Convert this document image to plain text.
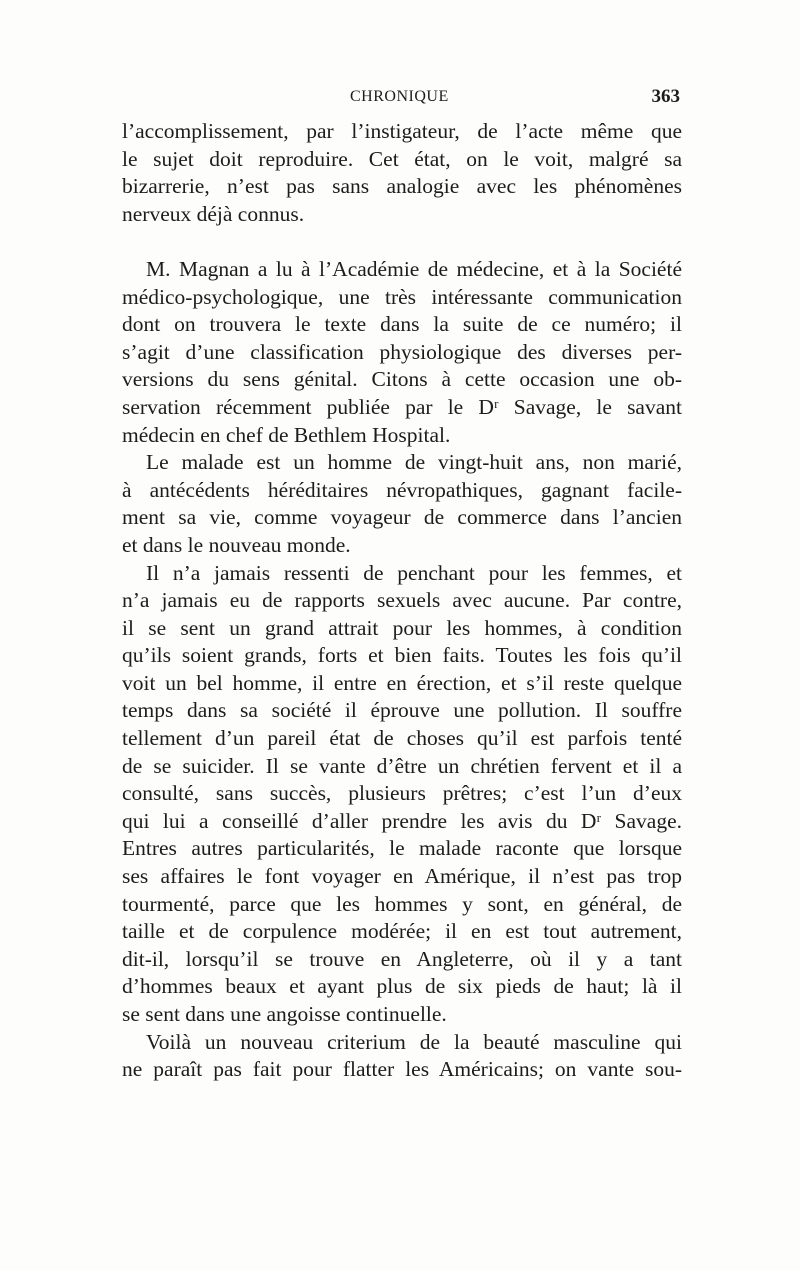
CHRONIQUE	363
l’accomplissement, par l’instigateur, de l’acte même que
le sujet doit reproduire. Cet état, on le voit, malgré sa
bizarrerie, n’est pas sans analogie avec les phénomènes
nerveux déjà connus.
M. Magnan a lu à l’Académie de médecine, et à la Société
médico-psychologique, une très intéressante communication
dont on trouvera le texte dans la suite de ce numéro; il
s’agit d’une classification physiologique des diverses per-
versions du sens génital. Citons à cette occasion une ob-
servation récemment publiée par le Dʳ Savage, le savant
médecin en chef de Bethlem Hospital.
Le malade est un homme de vingt-huit ans, non marié,
à antécédents héréditaires névropathiques, gagnant facile-
ment sa vie, comme voyageur de commerce dans l’ancien
et dans le nouveau monde.
Il n’a jamais ressenti de penchant pour les femmes, et
n’a jamais eu de rapports sexuels avec aucune. Par contre,
il se sent un grand attrait pour les hommes, à condition
qu’ils soient grands, forts et bien faits. Toutes les fois qu’il
voit un bel homme, il entre en érection, et s’il reste quelque
temps dans sa société il éprouve une pollution. Il souffre
tellement d’un pareil état de choses qu’il est parfois tenté
de se suicider. Il se vante d’être un chrétien fervent et il a
consulté, sans succès, plusieurs prêtres; c’est l’un d’eux
qui lui a conseillé d’aller prendre les avis du Dʳ Savage.
Entres autres particularités, le malade raconte que lorsque
ses affaires le font voyager en Amérique, il n’est pas trop
tourmenté, parce que les hommes y sont, en général, de
taille et de corpulence modérée; il en est tout autrement,
dit-il, lorsqu’il se trouve en Angleterre, où il y a tant
d’hommes beaux et ayant plus de six pieds de haut; là il
se sent dans une angoisse continuelle.
Voilà un nouveau criterium de la beauté masculine qui
ne paraît pas fait pour flatter les Américains; on vante sou-
